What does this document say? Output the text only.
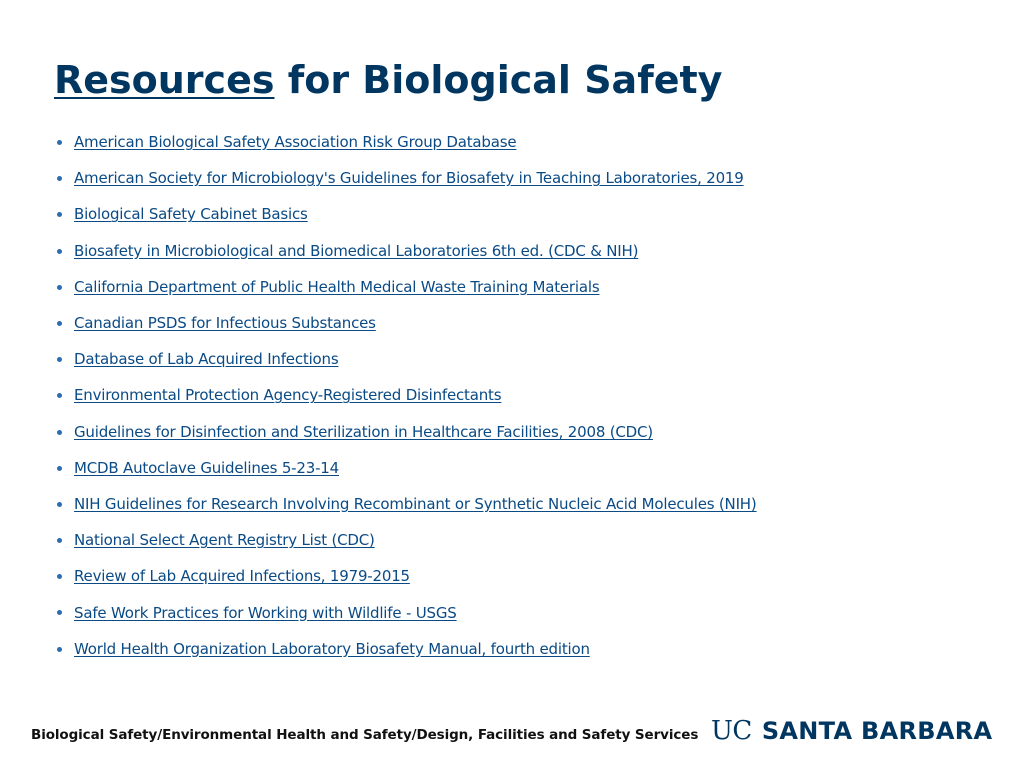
Resources for Biological Safety
American Biological Safety Association Risk Group Database
American Society for Microbiology's Guidelines for Biosafety in Teaching Laboratories, 2019
Biological Safety Cabinet Basics
Biosafety in Microbiological and Biomedical Laboratories 6th ed. (CDC & NIH)
California Department of Public Health Medical Waste Training Materials
Canadian PSDS for Infectious Substances
Database of Lab Acquired Infections
Environmental Protection Agency-Registered Disinfectants
Guidelines for Disinfection and Sterilization in Healthcare Facilities, 2008 (CDC)
MCDB Autoclave Guidelines 5-23-14
NIH Guidelines for Research Involving Recombinant or Synthetic Nucleic Acid Molecules (NIH)
National Select Agent Registry List (CDC)
Review of Lab Acquired Infections, 1979-2015
Safe Work Practices for Working with Wildlife - USGS
World Health Organization Laboratory Biosafety Manual, fourth edition
Biological Safety/Environmental Health and Safety/Design, Facilities and Safety Services UC SANTA BARBARA
